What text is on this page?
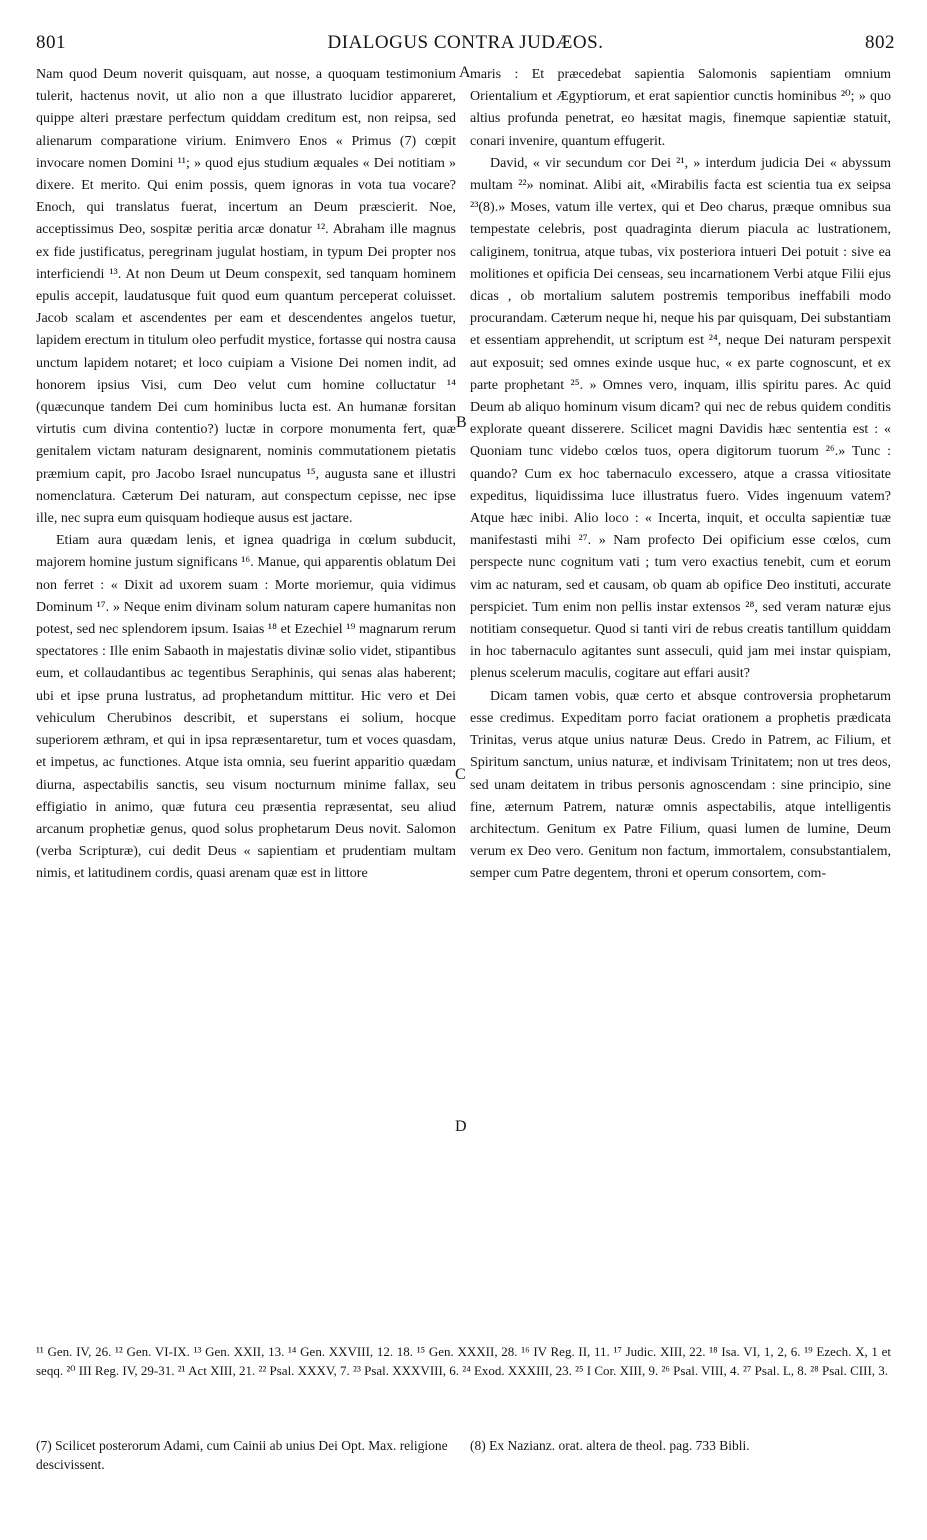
801	DIALOGUS CONTRA JUDÆOS.	802

Nam quod Deum noverit quisquam, aut nosse, a quoquam testimonium tulerit, hactenus novit, ut alio non a que illustrato lucidior appareret, quippe alteri præstare perfectum quiddam creditum est, non reipsa, sed alienarum comparatione virium. Enimvero Enos « Primus (7) cœpit invocare nomen Domini ¹¹; » quod ejus studium æquales « Dei notitiam » dixere. Et merito. Qui enim possis, quem ignoras in vota tua vocare? Enoch, qui translatus fuerat, incertum an Deum præscierit. Noe, acceptissimus Deo, sospitæ peritia arcæ donatur ¹². Abraham ille magnus ex fide justificatus, peregrinam jugulat hostiam, in typum Dei propter nos interficiendi ¹³. At non Deum ut Deum conspexit, sed tanquam hominem epulis accepit, laudatusque fuit quod eum quantum perceperat coluisset. Jacob scalam et ascendentes per eam et descendentes angelos tuetur, lapidem erectum in titulum oleo perfudit mystice, fortasse qui nostra causa unctum lapidem notaret; et loco cuipiam a Visione Dei nomen indit, ad honorem ipsius Visi, cum Deo velut cum homine colluctatur ¹⁴ (quæcunque tandem Dei cum hominibus lucta est. An humanæ forsitan virtutis cum divina contentio?) luctæ in corpore monumenta fert, quæ genitalem victam naturam designarent, nominis commutationem pietatis præmium capit, pro Jacobo Israel nuncupatus ¹⁵, augusta sane et illustri nomenclatura. Cæterum Dei naturam, aut conspectum cepisse, nec ipse ille, nec supra eum quisquam hodieque ausus est jactare.

Etiam aura quædam lenis, et ignea quadriga in cœlum subducit, majorem homine justum significans ¹⁶. Manue, qui apparentis oblatum Dei non ferret : « Dixit ad uxorem suam : Morte moriemur, quia vidimus Dominum ¹⁷. » Neque enim divinam solum naturam capere humanitas non potest, sed nec splendorem ipsum. Isaias ¹⁸ et Ezechiel ¹⁹ magnarum rerum spectatores : Ille enim Sabaoth in majestatis divinæ solio videt, stipantibus eum, et collaudantibus ac tegentibus Seraphinis, qui senas alas haberent; ubi et ipse pruna lustratus, ad prophetandum mittitur. Hic vero et Dei vehiculum Cherubinos describit, et superstans ei solium, hocque superiorem æthram, et qui in ipsa repræsentaretur, tum et voces quasdam, et impetus, ac functiones. Atque ista omnia, seu fuerint apparitio quædam diurna, aspectabilis sanctis, seu visum nocturnum minime fallax, seu effigiatio in animo, quæ futura ceu præsentia repræsentat, seu aliud arcanum prophetiæ genus, quod solus prophetarum Deus novit. Salomon (verba Scripturæ), cui dedit Deus « sapientiam et prudentiam multam nimis, et latitudinem cordis, quasi arenam quæ est in littore

maris : Et præcedebat sapientia Salomonis sapientiam omnium Orientalium et Ægyptiorum, et erat sapientior cunctis hominibus ²⁰; » quo altius profunda penetrat, eo hæsitat magis, finemque sapientiæ statuit, conari invenire, quantum effugerit.

David, « vir secundum cor Dei ²¹, » interdum judicia Dei « abyssum multam ²²» nominat. Alibi ait, «Mirabilis facta est scientia tua ex seipsa ²³(8).» Moses, vatum ille vertex, qui et Deo charus, præque omnibus sua tempestate celebris, post quadraginta dierum piacula ac lustrationem, caliginem, tonitrua, atque tubas, vix posteriora intueri Dei potuit : sive ea molitiones et opificia Dei censeas, seu incarnationem Verbi atque Filii ejus dicas , ob mortalium salutem postremis temporibus ineffabili modo procurandam. Cæterum neque hi, neque his par quisquam, Dei substantiam et essentiam apprehendit, ut scriptum est ²⁴, neque Dei naturam perspexit aut exposuit; sed omnes exinde usque huc, « ex parte cognoscunt, et ex parte prophetant ²⁵. » Omnes vero, inquam, illis spiritu pares. Ac quid Deum ab aliquo hominum visum dicam? qui nec de rebus quidem conditis explorate queant disserere. Scilicet magni Davidis hæc sententia est : « Quoniam tunc videbo cœlos tuos, opera digitorum tuorum ²⁶.» Tunc : quando? Cum ex hoc tabernaculo excessero, atque a crassa vitiositate expeditus, liquidissima luce illustratus fuero. Vides ingenuum vatem? Atque hæc inibi. Alio loco : « Incerta, inquit, et occulta sapientiæ tuæ manifestasti mihi ²⁷. » Nam profecto Dei opificium esse cœlos, cum perspecte nunc cognitum vati ; tum vero exactius tenebit, cum et eorum vim ac naturam, sed et causam, ob quam ab opifice Deo instituti, accurate perspiciet. Tum enim non pellis instar extensos ²⁸, sed veram naturæ ejus notitiam consequetur. Quod si tanti viri de rebus creatis tantillum quiddam in hoc tabernaculo agitantes sunt asseculi, quid jam mei instar quispiam, plenus scelerum maculis, cogitare aut effari ausit?

Dicam tamen vobis, quæ certo et absque controversia prophetarum esse credimus. Expeditam porro faciat orationem a prophetis prædicata Trinitas, verus atque unius naturæ Deus. Credo in Patrem, ac Filium, et Spiritum sanctum, unius naturæ, et indivisam Trinitatem; non ut tres deos, sed unam deitatem in tribus personis agnoscendam : sine principio, sine fine, æternum Patrem, naturæ omnis aspectabilis, atque intelligentis architectum. Genitum ex Patre Filium, quasi lumen de lumine, Deum verum ex Deo vero. Genitum non factum, immortalem, consubstantialem, semper cum Patre degentem, throni et operum consortem, com-

A
B
C
D
¹¹ Gen. IV, 26. ¹² Gen. VI-IX. ¹³ Gen. XXII, 13. ¹⁴ Gen. XXVIII, 12. 18. ¹⁵ Gen. XXXII, 28. ¹⁶ IV Reg. II, 11. ¹⁷ Judic. XIII, 22. ¹⁸ Isa. VI, 1, 2, 6. ¹⁹ Ezech. X, 1 et seqq. ²⁰ III Reg. IV, 29-31. ²¹ Act XIII, 21. ²² Psal. XXXV, 7. ²³ Psal. XXXVIII, 6. ²⁴ Exod. XXXIII, 23. ²⁵ I Cor. XIII, 9. ²⁶ Psal. VIII, 4. ²⁷ Psal. L, 8. ²⁸ Psal. CIII, 3.

(7) Scilicet posterorum Adami, cum Cainii ab unius Dei Opt. Max. religione descivissent.

(8) Ex Nazianz. orat. altera de theol. pag. 733 Bibli.
